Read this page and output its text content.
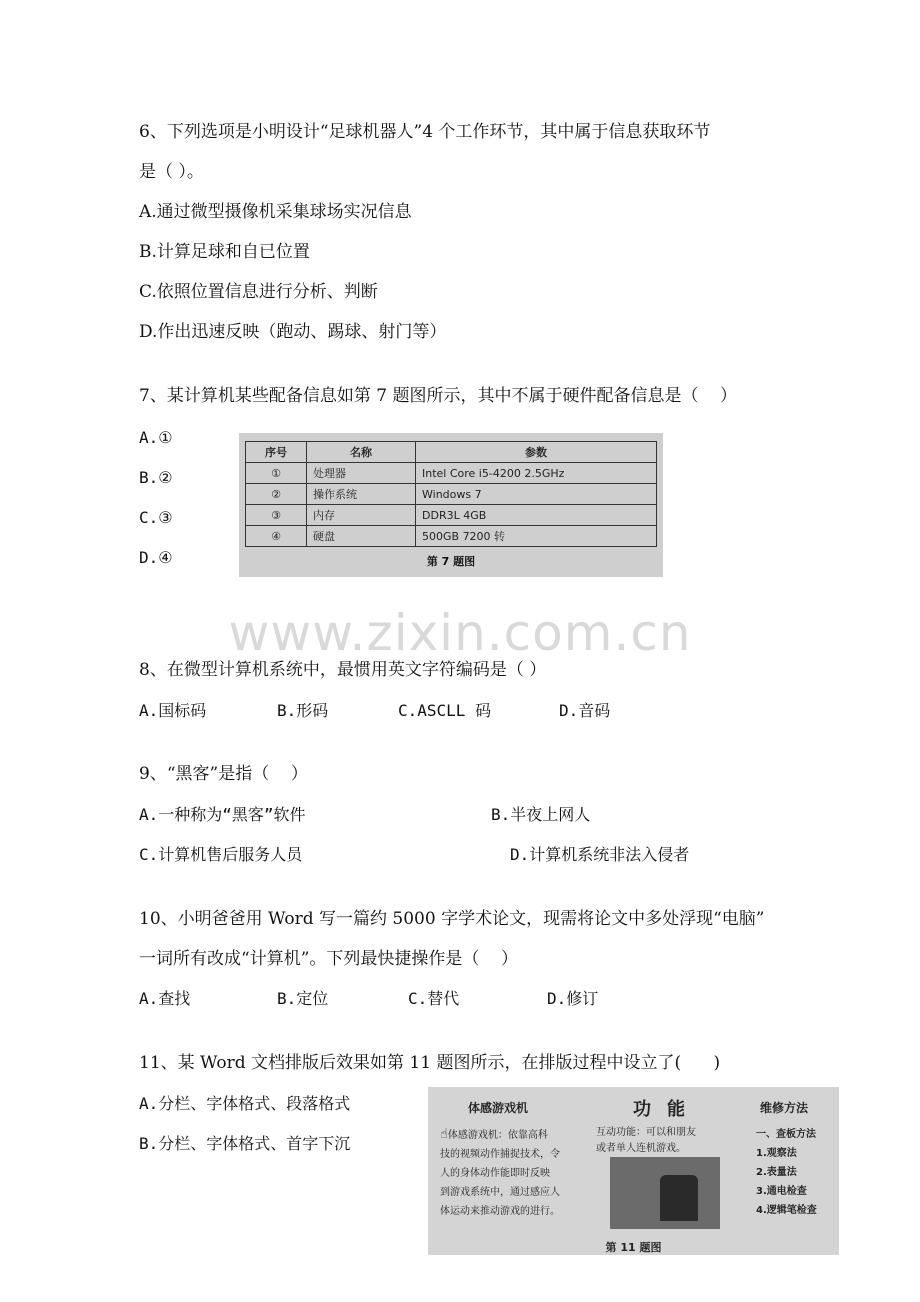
6、下列选项是小明设计“足球机器人”4 个工作环节，其中属于信息获取环节
是（ ）。
A.通过微型摄像机采集球场实况信息
B.计算足球和自已位置
C.依照位置信息进行分析、判断
D.作出迅速反映（跑动、踢球、射门等）
7、某计算机某些配备信息如第 7 题图所示，其中不属于硬件配备信息是（    ）
A.①
B.②
C.③
D.④
序号	名称	参数
①	处理器	Intel Core i5-4200 2.5GHz
②	操作系统	Windows 7
③	内存	DDR3L 4GB
④	硬盘	500GB 7200 转
第 7 题图
www.zixin.com.cn
8、在微型计算机系统中，最惯用英文字符编码是（ ）
A.国标码	B.形码	C.ASCLL 码	D.音码
9、“黑客”是指（    ）
A.一种称为“黑客”软件	B.半夜上网人
C.计算机售后服务人员	D.计算机系统非法入侵者
10、小明爸爸用 Word 写一篇约 5000 字学术论文，现需将论文中多处浮现“电脑”
一词所有改成“计算机”。下列最快捷操作是（    ）
A.查找	B.定位	C.替代	D.修订
11、某 Word 文档排版后效果如第 11 题图所示，在排版过程中设立了(      )
A.分栏、字体格式、段落格式
B.分栏、字体格式、首字下沉
体感游戏机	功能	维修方法
☝体感游戏机：依靠高科
技的视频动作捕捉技术，令
人的身体动作能即时反映
到游戏系统中，通过感应人
体运动来推动游戏的进行。
互动功能：可以和朋友
或者单人连机游戏。
一、查板方法
1.观察法
2.表量法
3.通电检查
4.逻辑笔检查
第 11 题图
